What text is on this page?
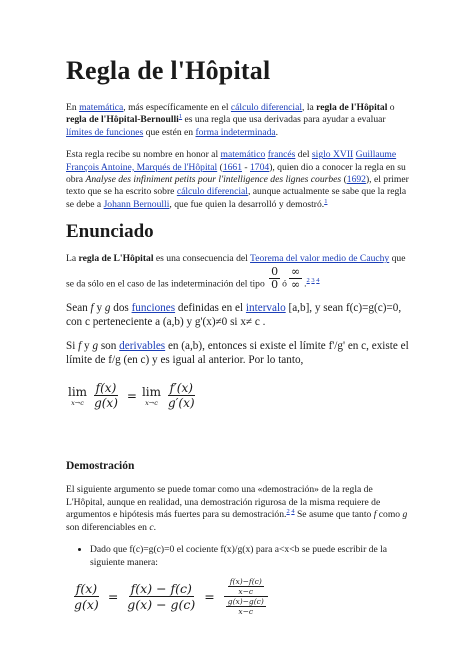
Regla de l'Hôpital

En matemática, más específicamente en el cálculo diferencial, la regla de l'Hôpital o regla de l'Hôpital-Bernoulli$^1$ es una regla que usa derivadas para ayudar a evaluar límites de funciones que estén en forma indeterminada.

Esta regla recibe su nombre en honor al matemático francés del siglo XVII Guillaume François Antoine, Marqués de l'Hôpital (1661 - 1704), quien dio a conocer la regla en su obra Analyse des infiniment petits pour l'intelligence des lignes courbes (1692), el primer texto que se ha escrito sobre cálculo diferencial, aunque actualmente se sabe que la regla se debe a Johann Bernoulli, que fue quien la desarrolló y demostró.$^1$

Enunciado

La regla de L'Hôpital es una consecuencia del Teorema del valor medio de Cauchy que se da sólo en el caso de las indeterminación del tipo $\frac{0}{0}$ ó $\frac{\infty}{\infty} .^{2 3 4}$

Sean f y g dos funciones definidas en el intervalo [a,b], y sean f(c)=g(c)=0, con c perteneciente a (a,b) y g'(x)≠0 si x≠ c .

Si f y g son derivables en (a,b), entonces si existe el límite f'/g' en c, existe el límite de f/g (en c) y es igual al anterior. Por lo tanto,

lim
$x\to c \frac{f(x)}{g(x)} = \lim$
$x\to c \frac{f'(x)}{g'(x)}$
Demostración

El siguiente argumento se puede tomar como una «demostración» de la regla de L'Hôpital, aunque en realidad, una demostración rigurosa de la misma requiere de argumentos e hipótesis más fuertes para su demostración.$^{2 4}$ Se asume que tanto f como g son diferenciables en c.

• Dado que f(c)=g(c)=0 el cociente f(x)/g(x) para a<x<b se puede escribir de la siguiente manera:
$\frac{f(x)}{g(x)} = \frac{f(x) - f(c)}{g(x) - g(c)} = \frac{\frac{f(x)-f(c)}{x-c}}{\frac{g(x)-g(c)}{x-c}}$
